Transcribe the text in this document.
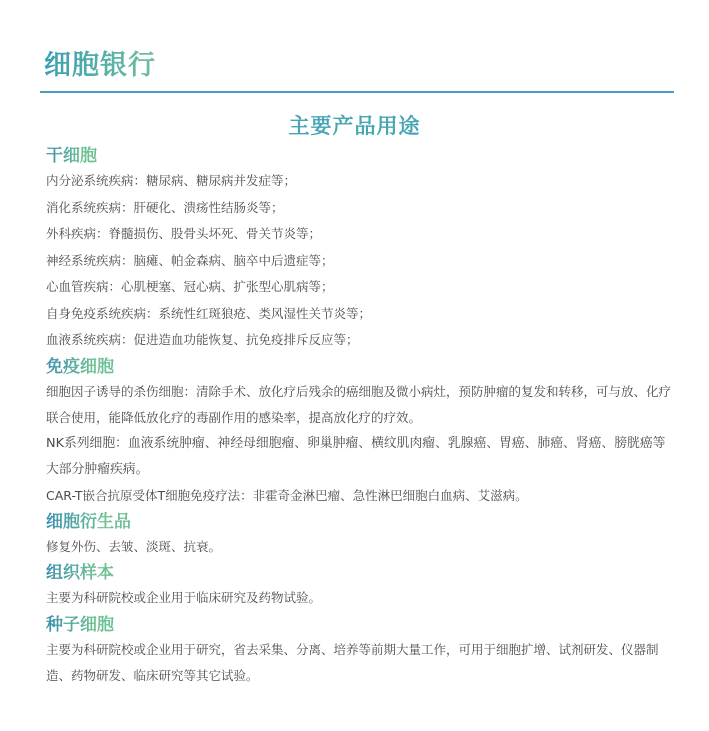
细胞银行
主要产品用途
干细胞
内分泌系统疾病：糖尿病、糖尿病并发症等；
消化系统疾病：肝硬化、溃疡性结肠炎等；
外科疾病：脊髓损伤、股骨头坏死、骨关节炎等；
神经系统疾病：脑瘫、帕金森病、脑卒中后遗症等；
心血管疾病：心肌梗塞、冠心病、扩张型心肌病等；
自身免疫系统疾病：系统性红斑狼疮、类风湿性关节炎等；
血液系统疾病：促进造血功能恢复、抗免疫排斥反应等；
免疫细胞
细胞因子诱导的杀伤细胞：清除手术、放化疗后残余的癌细胞及微小病灶，预防肿瘤的复发和转移，可与放、化疗联合使用，能降低放化疗的毒副作用的感染率，提高放化疗的疗效。
NK系列细胞：血液系统肿瘤、神经母细胞瘤、卵巢肿瘤、横纹肌肉瘤、乳腺癌、胃癌、肺癌、肾癌、膀胱癌等大部分肿瘤疾病。
CAR-T嵌合抗原受体T细胞免疫疗法：非霍奇金淋巴瘤、急性淋巴细胞白血病、艾滋病。
细胞衍生品
修复外伤、去皱、淡斑、抗衰。
组织样本
主要为科研院校或企业用于临床研究及药物试验。
种子细胞
主要为科研院校或企业用于研究，省去采集、分离、培养等前期大量工作，可用于细胞扩增、试剂研发、仪器制造、药物研发、临床研究等其它试验。
